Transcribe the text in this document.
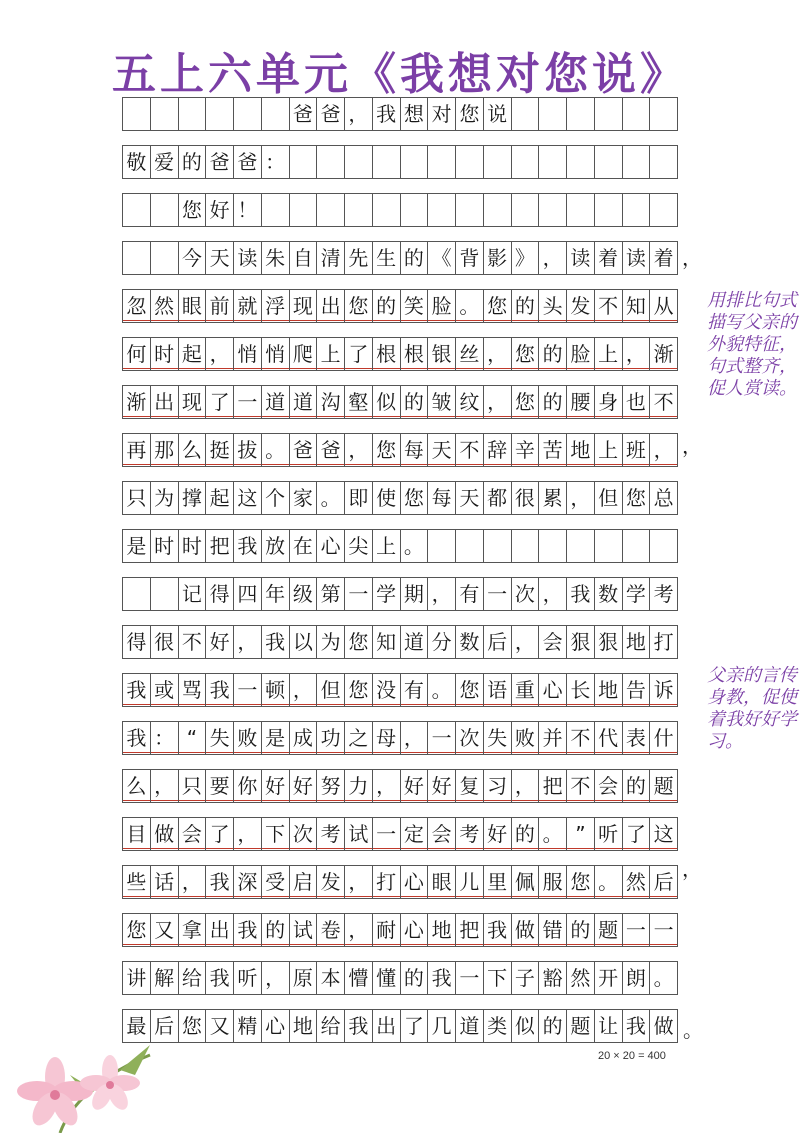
五上六单元《我想对您说》
爸 爸 ， 我 想 对 您 说
敬 爱 的 爸 爸 ：
您 好 ！
今 天 读 朱 自 清 先 生 的 《 背 影 》 ， 读 着 读 着
忽 然 眼 前 就 浮 现 出 您 的 笑 脸 。 您 的 头 发 不 知 从
何 时 起 ， 悄 悄 爬 上 了 根 根 银 丝 ， 您 的 脸 上 ， 渐
渐 出 现 了 一 道 道 沟 壑 似 的 皱 纹 ， 您 的 腰 身 也 不
再 那 么 挺 拔 。 爸 爸 ， 您 每 天 不 辞 辛 苦 地 上 班 ，
只 为 撑 起 这 个 家 。 即 使 您 每 天 都 很 累 ， 但 您 总
是 时 时 把 我 放 在 心 尖 上 。
记 得 四 年 级 第 一 学 期 ， 有 一 次 ， 我 数 学 考
得 很 不 好 ， 我 以 为 您 知 道 分 数 后 ， 会 狠 狠 地 打
我 或 骂 我 一 顿 ， 但 您 没 有 。 您 语 重 心 长 地 告 诉
我 ： “ 失 败 是 成 功 之 母 ， 一 次 失 败 并 不 代 表 什
么 ， 只 要 你 好 好 努 力 ， 好 好 复 习 ， 把 不 会 的 题
目 做 会 了 ， 下 次 考 试 一 定 会 考 好 的 。 ” 听 了 这
些 话 ， 我 深 受 启 发 ， 打 心 眼 儿 里 佩 服 您 。 然 后
您 又 拿 出 我 的 试 卷 ， 耐 心 地 把 我 做 错 的 题 一 一
讲 解 给 我 听 ， 原 本 懵 懂 的 我 一 下 子 豁 然 开 朗 。
最 后 您 又 精 心 地 给 我 出 了 几 道 类 似 的 题 让 我 做 。
用排比句式描写父亲的外貌特征，句式整齐，促人赏读。
父亲的言传身教，促使着我好好学习。
20 × 20 = 400
，
，
，
